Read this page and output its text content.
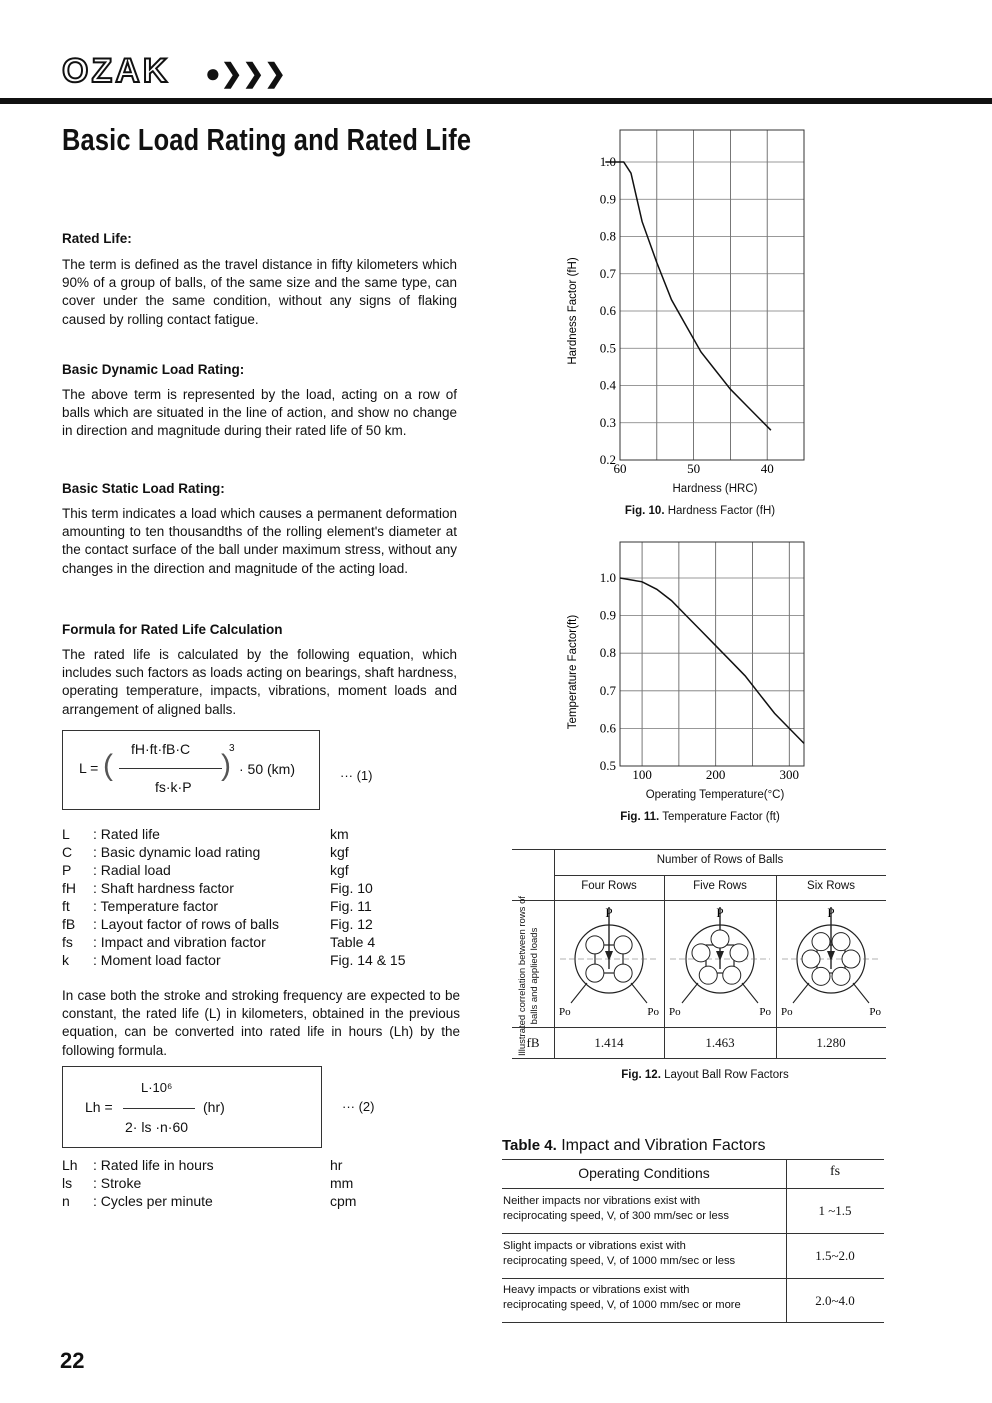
OZAK ●❯❯❯
Basic Load Rating and Rated Life
Rated Life:
The term is defined as the travel distance in fifty kilometers which 90% of a group of balls, of the same size and the same type, can cover under the same condition, without any signs of flaking caused by rolling contact fatigue.
Basic Dynamic Load Rating:
The above term is represented by the load, acting on a row of balls which are situated in the line of action, and show no change in direction and magnitude during their rated life of 50 km.
Basic Static Load Rating:
This term indicates a load which causes a permanent deformation amounting to ten thousandths of the rolling element's diameter at the contact surface of the ball under maximum stress, without any changes in the direction and magnitude of the acting load.
Formula for Rated Life Calculation
The rated life is calculated by the following equation, which includes such factors as loads acting on bearings, shaft hardness, operating temperature, impacts, vibrations, moment loads and arrangement of aligned balls.
L = ( fH·ft·fB·C
fs·k·P
)
3
· 50 (km)	··· (1)
L : Rated life	km
C : Basic dynamic load rating	kgf
P : Radial load	kgf
fH : Shaft hardness factor	Fig. 10
ft : Temperature factor	Fig. 11
fB : Layout factor of rows of balls	Fig. 12
fs : Impact and vibration factor	Table 4
k : Moment load factor	Fig. 14 & 15
In case both the stroke and stroking frequency are expected to be constant, the rated life (L) in kilometers, obtained in the previous equation, can be converted into rated life in hours (Lh) by the following formula.
L·10⁶
Lh =	(hr)
2· ls ·n·60
··· (2)
Lh : Rated life in hours	hr
ls : Stroke	mm
n : Cycles per minute	cpm
22
1.0
0.9
0.8
0.7
0.6
0.5
0.4
0.3
0.2
60	50	40
Hardness Factor (fH)
Hardness (HRC)
Fig. 10. Hardness Factor (fH)
1.0
0.9
0.8
0.7
0.6
0.5
100	200	300
Temperature Factor(ft)
Operating Temperature(°C)
Fig. 11. Temperature Factor (ft)
Number of Rows of Balls
Four Rows	Five Rows	Six Rows
Illustrated correlation between rows of balls and applied loads
fB	1.414	1.463	1.280
P
Po	Po
P
Po	Po
P
Po	Po
Fig. 12. Layout Ball Row Factors
Table 4. Impact and Vibration Factors
Operating Conditions	fs
Neither impacts nor vibrations exist with
reciprocating speed, V, of 300 mm/sec or less	1 ~1.5
Slight impacts or vibrations exist with
reciprocating speed, V, of 1000 mm/sec or less	1.5~2.0
Heavy impacts or vibrations exist with
reciprocating speed, V, of 1000 mm/sec or more	2.0~4.0
